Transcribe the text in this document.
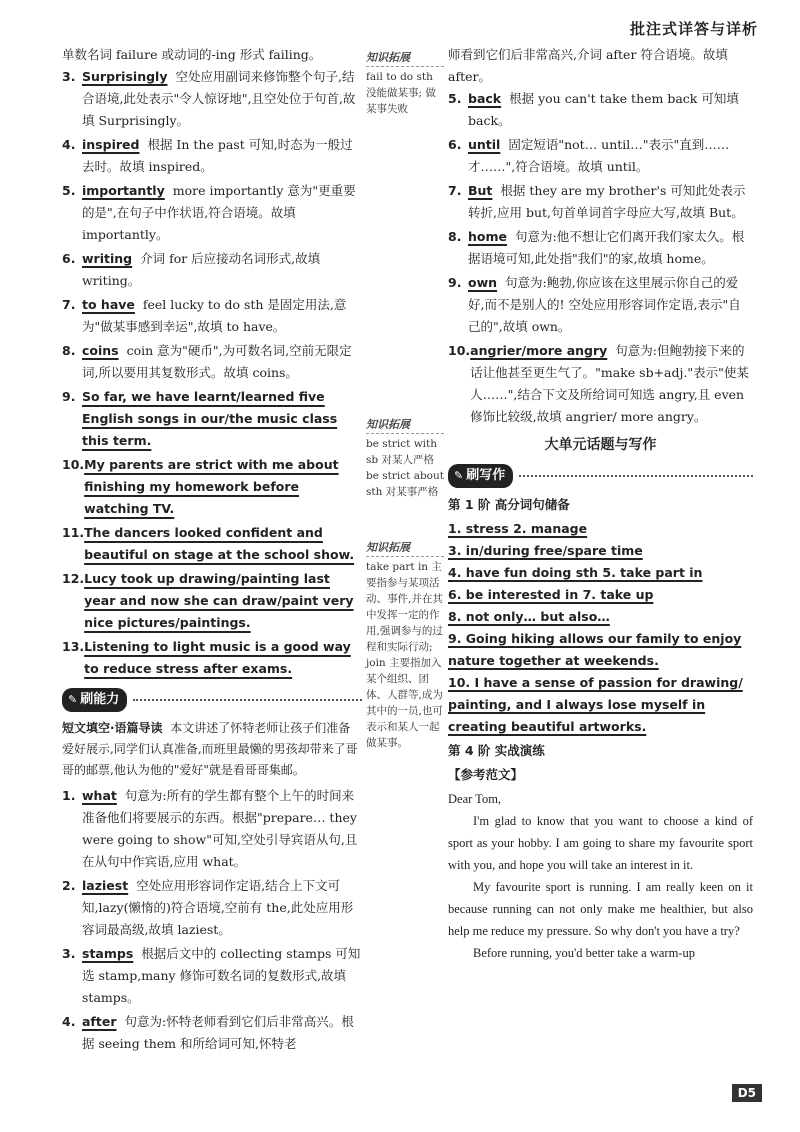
批注式详答与详析
单数名词 failure 或动词的-ing 形式 failing。
3. Surprisingly 空处应用副词来修饰整个句子,结合语境,此处表示"令人惊讶地",且空处位于句首,故填 Surprisingly。
4. inspired 根据 In the past 可知,时态为一般过去时。故填 inspired。
5. importantly more importantly 意为"更重要的是",在句子中作状语,符合语境。故填 importantly。
6. writing 介词 for 后应接动名词形式,故填 writing。
7. to have feel lucky to do sth 是固定用法,意为"做某事感到幸运",故填 to have。
8. coins coin 意为"硬币",为可数名词,空前无限定词,所以要用其复数形式。故填 coins。
9. So far, we have learnt/learned five English songs in our/the music class this term.
10. My parents are strict with me about finishing my homework before watching TV.
11. The dancers looked confident and beautiful on stage at the school show.
12. Lucy took up drawing/painting last year and now she can draw/paint very nice pictures/paintings.
13. Listening to light music is a good way to reduce stress after exams.
✎ 刷能力
短文填空·语篇导读 本文讲述了怀特老师让孩子们准备爱好展示,同学们认真准备,而班里最懒的男孩却带来了哥哥的邮票,他认为他的"爱好"就是看哥哥集邮。
1. what 句意为:所有的学生都有整个上午的时间来准备他们将要展示的东西。根据"prepare… they were going to show"可知,空处引导宾语从句,且在从句中作宾语,应用 what。
2. laziest 空处应用形容词作定语,结合上下文可知,lazy(懒惰的)符合语境,空前有 the,此处应用形容词最高级,故填 laziest。
3. stamps 根据后文中的 collecting stamps 可知选 stamp,many 修饰可数名词的复数形式,故填 stamps。
4. after 句意为:怀特老师看到它们后非常高兴。根据 seeing them 和所给词可知,怀特老
知识拓展
fail to do sth 没能做某事; 做某事失败
知识拓展
be strict with sb 对某人严格 be strict about sth 对某事严格
知识拓展
take part in 主要指参与某项活动、事件,并在其中发挥一定的作用,强调参与的过程和实际行动; join 主要指加入某个组织、团体、人群等,成为其中的一员,也可表示和某人一起做某事。
师看到它们后非常高兴,介词 after 符合语境。故填 after。
5. back 根据 you can't take them back 可知填 back。
6. until 固定短语"not… until…"表示"直到……才……",符合语境。故填 until。
7. But 根据 they are my brother's 可知此处表示转折,应用 but,句首单词首字母应大写,故填 But。
8. home 句意为:他不想让它们离开我们家太久。根据语境可知,此处指"我们"的家,故填 home。
9. own 句意为:鲍勃,你应该在这里展示你自己的爱好,而不是别人的! 空处应用形容词作定语,表示"自己的",故填 own。
10. angrier/more angry 句意为:但鲍勃接下来的话让他甚至更生气了。"make sb+adj."表示"使某人……",结合下文及所给词可知选 angry,且 even 修饰比较级,故填 angrier/ more angry。
大单元话题与写作
✎ 刷写作
第 1 阶 高分词句储备
1. stress 2. manage
3. in/during free/spare time
4. have fun doing sth 5. take part in
6. be interested in 7. take up
8. not only… but also…
9. Going hiking allows our family to enjoy nature together at weekends.
10. I have a sense of passion for drawing/ painting, and I always lose myself in creating beautiful artworks.
第 4 阶 实战演练
【参考范文】
Dear Tom,

I'm glad to know that you want to choose a kind of sport as your hobby. I am going to share my favourite sport with you, and hope you will take an interest in it.

My favourite sport is running. I am really keen on it because running can not only make me healthier, but also help me reduce my pressure. So why don't you have a try?

Before running, you'd better take a warm-up

D5
